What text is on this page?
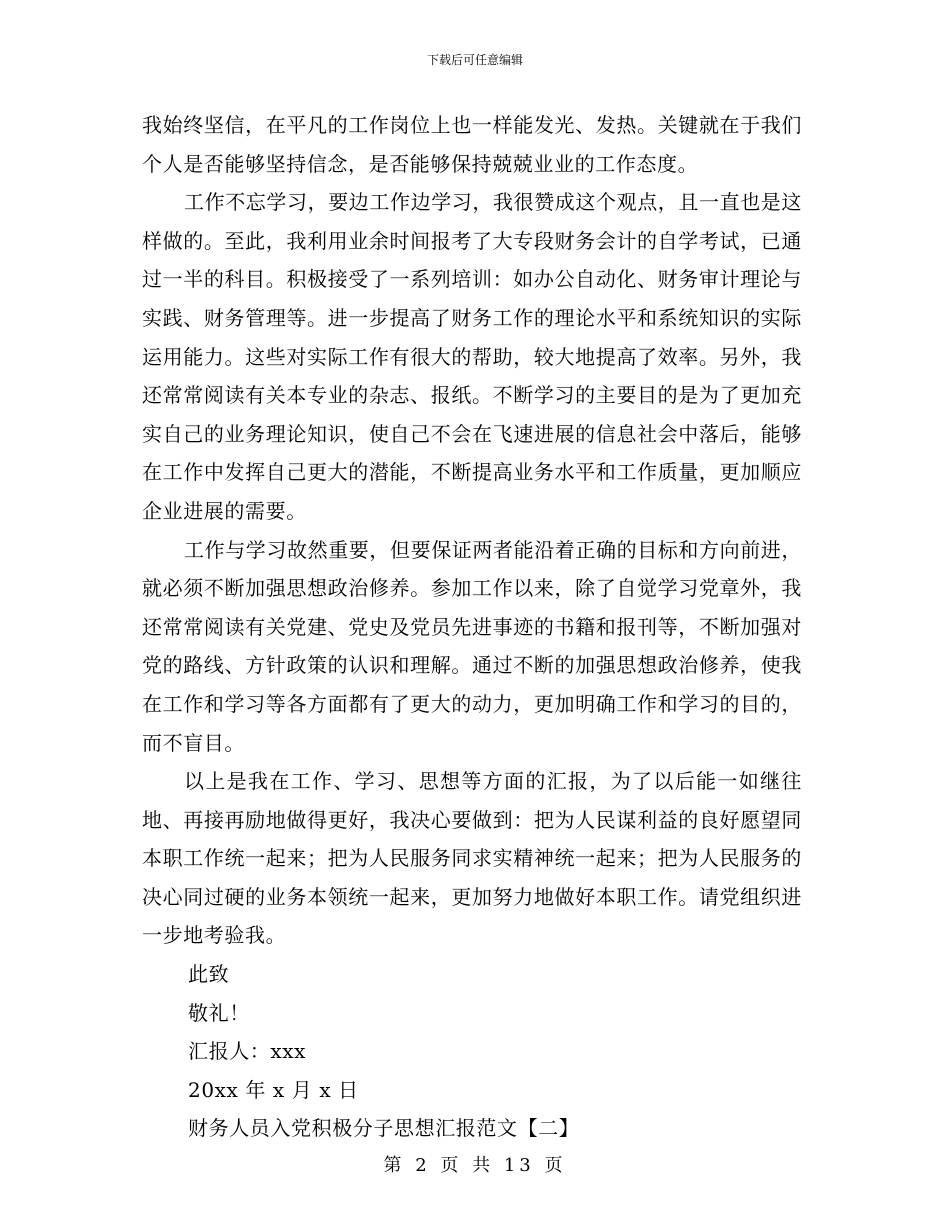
下载后可任意编辑

我始终坚信，在平凡的工作岗位上也一样能发光、发热。关键就在于我们个人是否能够坚持信念，是否能够保持兢兢业业的工作态度。

工作不忘学习，要边工作边学习，我很赞成这个观点，且一直也是这样做的。至此，我利用业余时间报考了大专段财务会计的自学考试，已通过一半的科目。积极接受了一系列培训：如办公自动化、财务审计理论与实践、财务管理等。进一步提高了财务工作的理论水平和系统知识的实际运用能力。这些对实际工作有很大的帮助，较大地提高了效率。另外，我还常常阅读有关本专业的杂志、报纸。不断学习的主要目的是为了更加充实自己的业务理论知识，使自己不会在飞速进展的信息社会中落后，能够在工作中发挥自己更大的潜能，不断提高业务水平和工作质量，更加顺应企业进展的需要。

工作与学习故然重要，但要保证两者能沿着正确的目标和方向前进，就必须不断加强思想政治修养。参加工作以来，除了自觉学习党章外，我还常常阅读有关党建、党史及党员先进事迹的书籍和报刊等，不断加强对党的路线、方针政策的认识和理解。通过不断的加强思想政治修养，使我在工作和学习等各方面都有了更大的动力，更加明确工作和学习的目的，而不盲目。

以上是我在工作、学习、思想等方面的汇报，为了以后能一如继往地、再接再励地做得更好，我决心要做到：把为人民谋利益的良好愿望同本职工作统一起来；把为人民服务同求实精神统一起来；把为人民服务的决心同过硬的业务本领统一起来，更加努力地做好本职工作。请党组织进一步地考验我。

此致

敬礼！

汇报人：xxx

20xx 年 x 月 x 日

财务人员入党积极分子思想汇报范文【二】

第 2 页 共 13 页
